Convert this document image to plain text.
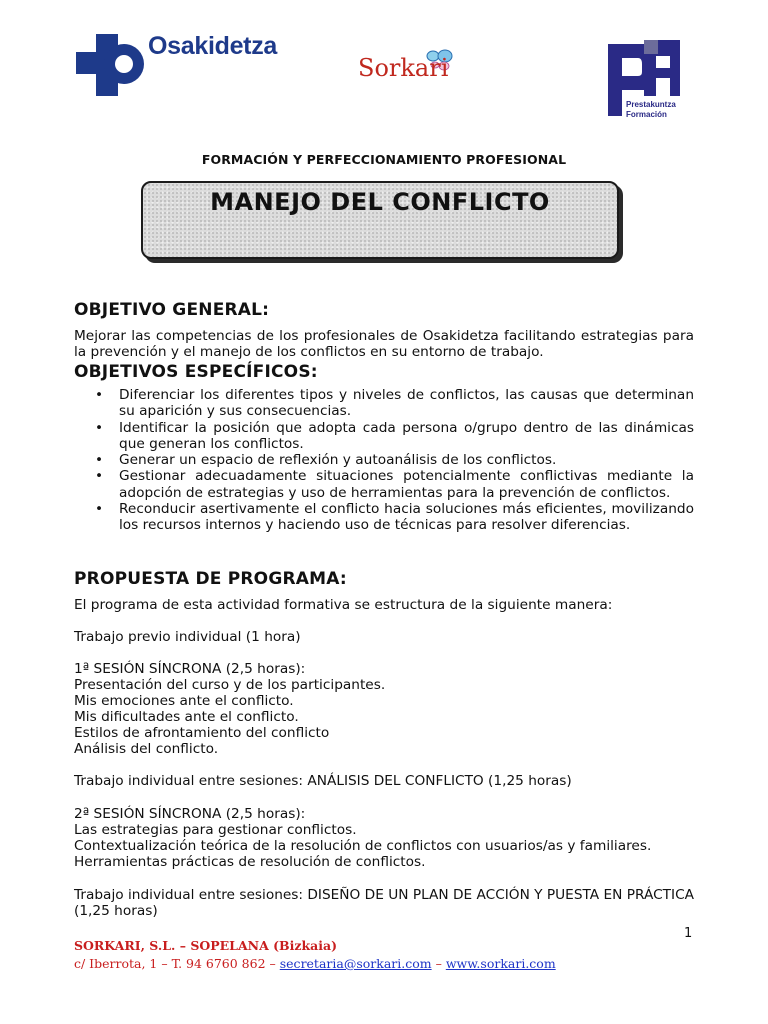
Osakidetza
Sorkari
Prestakuntza
Formación
FORMACIÓN Y PERFECCIONAMIENTO PROFESIONAL
MANEJO DEL CONFLICTO
OBJETIVO GENERAL:
Mejorar las competencias de los profesionales de Osakidetza facilitando estrategias para la prevención y el manejo de los conflictos en su entorno de trabajo.
OBJETIVOS ESPECÍFICOS:
• Diferenciar los diferentes tipos y niveles de conflictos, las causas que determinan su aparición y sus consecuencias.
• Identificar la posición que adopta cada persona o/grupo dentro de las dinámicas que generan los conflictos.
• Generar un espacio de reflexión y autoanálisis de los conflictos.
• Gestionar adecuadamente situaciones potencialmente conflictivas mediante la adopción de estrategias y uso de herramientas para la prevención de conflictos.
• Reconducir asertivamente el conflicto hacia soluciones más eficientes, movilizando los recursos internos y haciendo uso de técnicas para resolver diferencias.
PROPUESTA DE PROGRAMA:
El programa de esta actividad formativa se estructura de la siguiente manera:
Trabajo previo individual (1 hora)
1ª SESIÓN SÍNCRONA (2,5 horas):
Presentación del curso y de los participantes.
Mis emociones ante el conflicto.
Mis dificultades ante el conflicto.
Estilos de afrontamiento del conflicto
Análisis del conflicto.
Trabajo individual entre sesiones: ANÁLISIS DEL CONFLICTO (1,25 horas)
2ª SESIÓN SÍNCRONA (2,5 horas):
Las estrategias para gestionar conflictos.
Contextualización teórica de la resolución de conflictos con usuarios/as y familiares.
Herramientas prácticas de resolución de conflictos.
Trabajo individual entre sesiones: DISEÑO DE UN PLAN DE ACCIÓN Y PUESTA EN PRÁCTICA (1,25 horas)
1
SORKARI, S.L. – SOPELANA (Bizkaia)
c/ Iberrota, 1 – T. 94 6760 862 – secretaria@sorkari.com – www.sorkari.com
